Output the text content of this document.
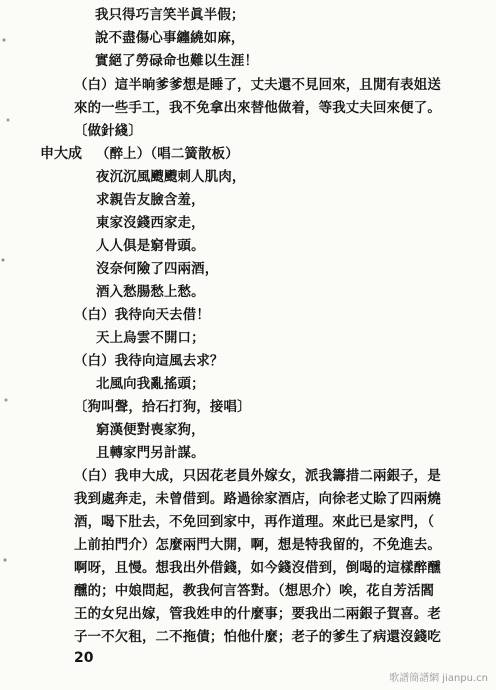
我只得巧言笑半眞半假；
說不盡傷心事纏繞如麻，
實絕了勞碌命也難以生涯！
（白）這半晌爹爹想是睡了，丈夫還不見回來，且閒有表姐送
來的一些手工，我不免拿出來替他做着，等我丈夫回來便了。
〔做針綫〕
申大成 （醉上）（唱二簧散板）
夜沉沉風颼颼刺人肌肉，
求親告友臉含羞，
東家沒錢西家走，
人人俱是窮骨頭。
沒奈何險了四兩酒，
酒入愁腸愁上愁。
（白）我待向天去借！
天上烏雲不開口；
（白）我待向這風去求？
北風向我亂搖頭；
〔狗叫聲，拾石打狗，接唱〕
窮漢便對喪家狗，
且轉家門另計謀。
（白）我申大成，只因花老員外嫁女，派我籌措二兩銀子，是
我到處奔走，未曾借到。路過徐家酒店，向徐老丈賒了四兩燒
酒，喝下肚去，不免回到家中，再作道理。來此已是家門，（
上前拍門介）怎麼兩門大開，啊，想是特我留的，不免進去。
啊呀，且慢。想我出外借錢，如今錢沒借到，倒喝的這樣醉醺
醺的；中娘問起，教我何言答對。（想思介）唉，花自芳活閻
王的女兒出嫁，管我姓申的什麼事；要我出二兩銀子賀喜。老
子一不欠租，二不拖債；怕他什麼；老子的爹生了病還沒錢吃
20
歌譜簡譜網 jianpu.cn
